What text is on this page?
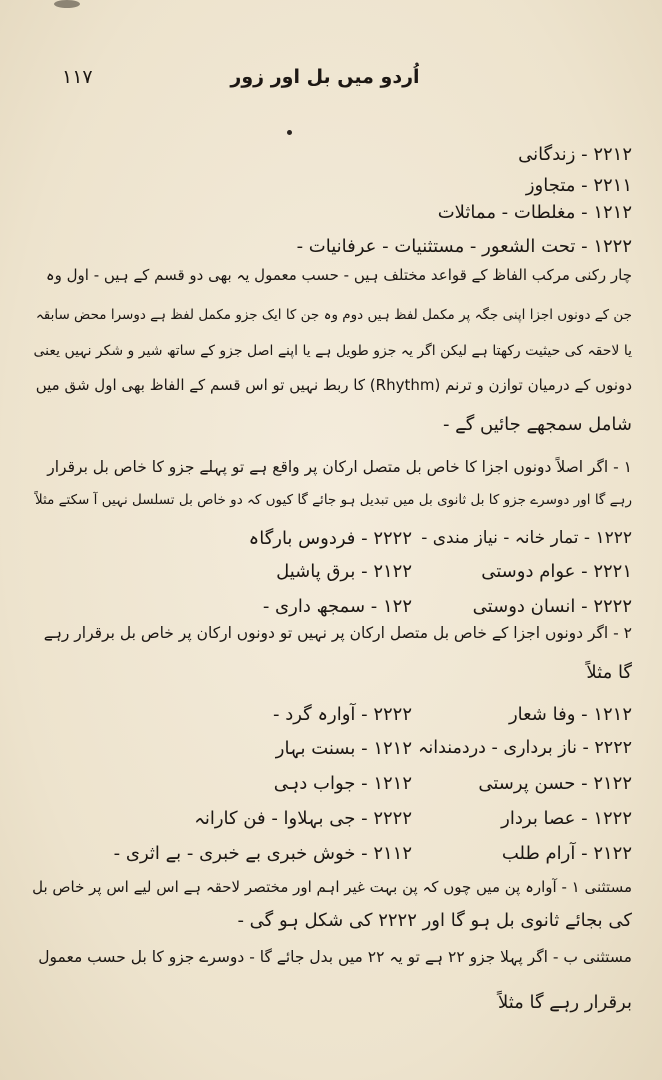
۱۱۷	اُردو میں بل اور زور
۲۲۱۲ - زندگانی
۲۲۱۱ - متجاوز
۱۲۱۲ - مغلطات - مماثلات
۱۲۲۲ - تحت الشعور - مستثنیات - عرفانیات -
چار رکنی مرکب الفاظ کے قواعد مختلف ہیں - حسب معمول یہ بھی دو قسم کے ہیں - اول وہ
جن کے دونوں اجزا اپنی جگہ پر مکمل لفظ ہیں دوم وہ جن کا ایک جزو مکمل لفظ ہے دوسرا محض سابقہ
یا لاحقہ کی حیثیت رکھتا ہے لیکن اگر یہ جزو طویل ہے یا اپنے اصل جزو کے ساتھ شیر و شکر نہیں یعنی
دونوں کے درمیان توازن و ترنم (Rhythm) کا ربط نہیں تو اس قسم کے الفاظ بھی اول شق میں
شامل سمجھے جائیں گے -
۱ - اگر اصلاً دونوں اجزا کا خاص بل متصل ارکان پر واقع ہے تو پہلے جزو کا خاص بل برقرار
رہے گا اور دوسرے جزو کا بل ثانوی بل میں تبدیل ہو جائے گا کیوں کہ دو خاص بل تسلسل نہیں آ سکتے مثلاً
۲ - اگر دونوں اجزا کے خاص بل متصل ارکان پر نہیں تو دونوں ارکان پر خاص بل برقرار رہے
گا مثلاً
۱۲۲۲ - تمار خانہ - نیاز مندی -
۲۲۲۲ - فردوس بارگاہ
۲۲۲۱ - عوام دوستی
۲۱۲۲ - برق پاشیل
۲۲۲۲ - انسان دوستی
۱۲۲ - سمجھ داری -
۱۲۱۲ - وفا شعار
۲۲۲۲ - آوارہ گرد -
۲۲۲۲ - ناز برداری - دردمندانہ
۱۲۱۲ - بسنت بہار
۲۱۲۲ - حسن پرستی
۱۲۱۲ - جواب دہی
۱۲۲۲ - عصا بردار
۲۲۲۲ - جی بہلاوا - فن کارانہ
۲۱۲۲ - آرام طلب
۲۱۱۲ - خوش خبری بے خبری - بے اثری -
مستثنی ۱ - آوارہ پن میں چوں کہ پن بہت غیر اہم اور مختصر لاحقہ ہے اس لیے اس پر خاص بل
کی بجائے ثانوی بل ہو گا اور ۲۲۲۲ کی شکل ہو گی -
مستثنی ب - اگر پہلا جزو ۲۲ ہے تو یہ ۲۲ میں بدل جائے گا - دوسرے جزو کا بل حسب معمول
برقرار رہے گا مثلاً
